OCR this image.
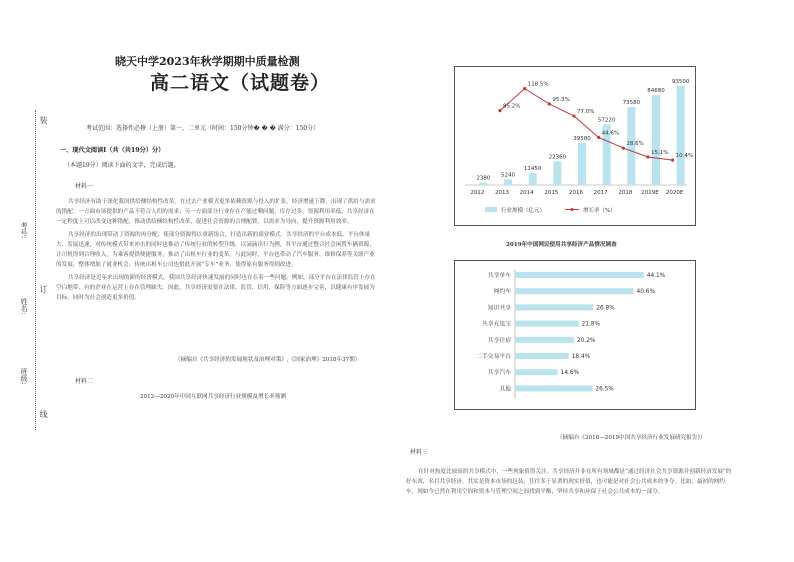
装
考号:
订
姓名:
班级:
线
晓天中学2023年秋学期期中质量检测
高二语文（试题卷）
考试范围：选择性必修（上册）第一、二单元（时间：150分钟� � � 满分：150分）
一、现代文阅读Ⅰ（共（共19分）分）
（本题19分）阅读下面的文字，完成后题。
材料一

共享经济有助于深化我国供给侧结构性改革。在过去产业模式更多依赖资源与投入的扩张，经济增速下降，出现了供给与需求的错配：一方面市场提供的产品不符合人们的需求；另一方面部分行业存在产能过剩问题，库存过多，资源利用率低。共享经济在一定程度上可以改变这种错配，推动供给侧结构性改革，促进社会资源的合理配置，以需求为导向，提升资源利用效率。

共享经济的出现带动了资源的再分配，使部分资源得以重新组合，打造出新的商业模式。共享经济的平台成本低、平台体量大、发展迅速，对传统模式带来冲击的同时也推动了传统行业的转型升级。以滴滴出行为例，其平台通过整合社会闲置车辆资源，让司机得到合理收入，为乘客提供便捷服务，推动了出租车行业的变革。与此同时，平台也带动了汽车服务、维修保养等关联产业的发展，整体增加了就业机会。传统出租车公司也借此开展“专车”业务，使得原有服务得到改进。

共享经济是近年来出现的新的经济模式，我国共享经济快速发展的同时也存在着一些问题。例如，部分平台在法律监管上存在空白地带，有的企业在运营上存在管理缺失。因此，共享经济需要在法律、监管、信用、保险等方面逐步完善，以健康有序发展为目标，同时为社会创造更多价值。

（摘编自《共享经济的发展现状及治理对策》,《国家治理》2018年37期）
材料二
2012—2020年中国互联网共享经济行业规模及增长率预测
2380
2012
5240
2013
11450
2014
22360
2015
39580
2016
57220
2017
73580
2018
84680
2019E
93500
2020E
85.2%
118.5%
95.3%
77.0%
44.6%
28.6%
15.1%
10.4%
行业规模（亿元）	增长率（%）
2019年中国网民使用共享经济产品情况调查
共享单车	44.1%
网约车	40.6%
知识共享	26.8%
共享充电宝	21.8%
共享住宿	20.2%
二手交易平台	18.4%
共享汽车	14.6%
其他	26.5%
（摘编自《2018—2019中国共享经济行业发展研究报告》）
材料三

在针对热度比较高的共享模式中，一些现象值得关注。共享经济并非在所有领域都是“通过经济社会共享资源并创新经济发展”的好东西，名目共享经济，其实是资本市场的包装，往往多于显著的现实价值，也可能是对社会公共成本的争夺。比如，最初的网约车，现如今已然在利用空间和资本与管理空间之间找到平衡，坚持共享和环保于社会公共成本的一部分。
